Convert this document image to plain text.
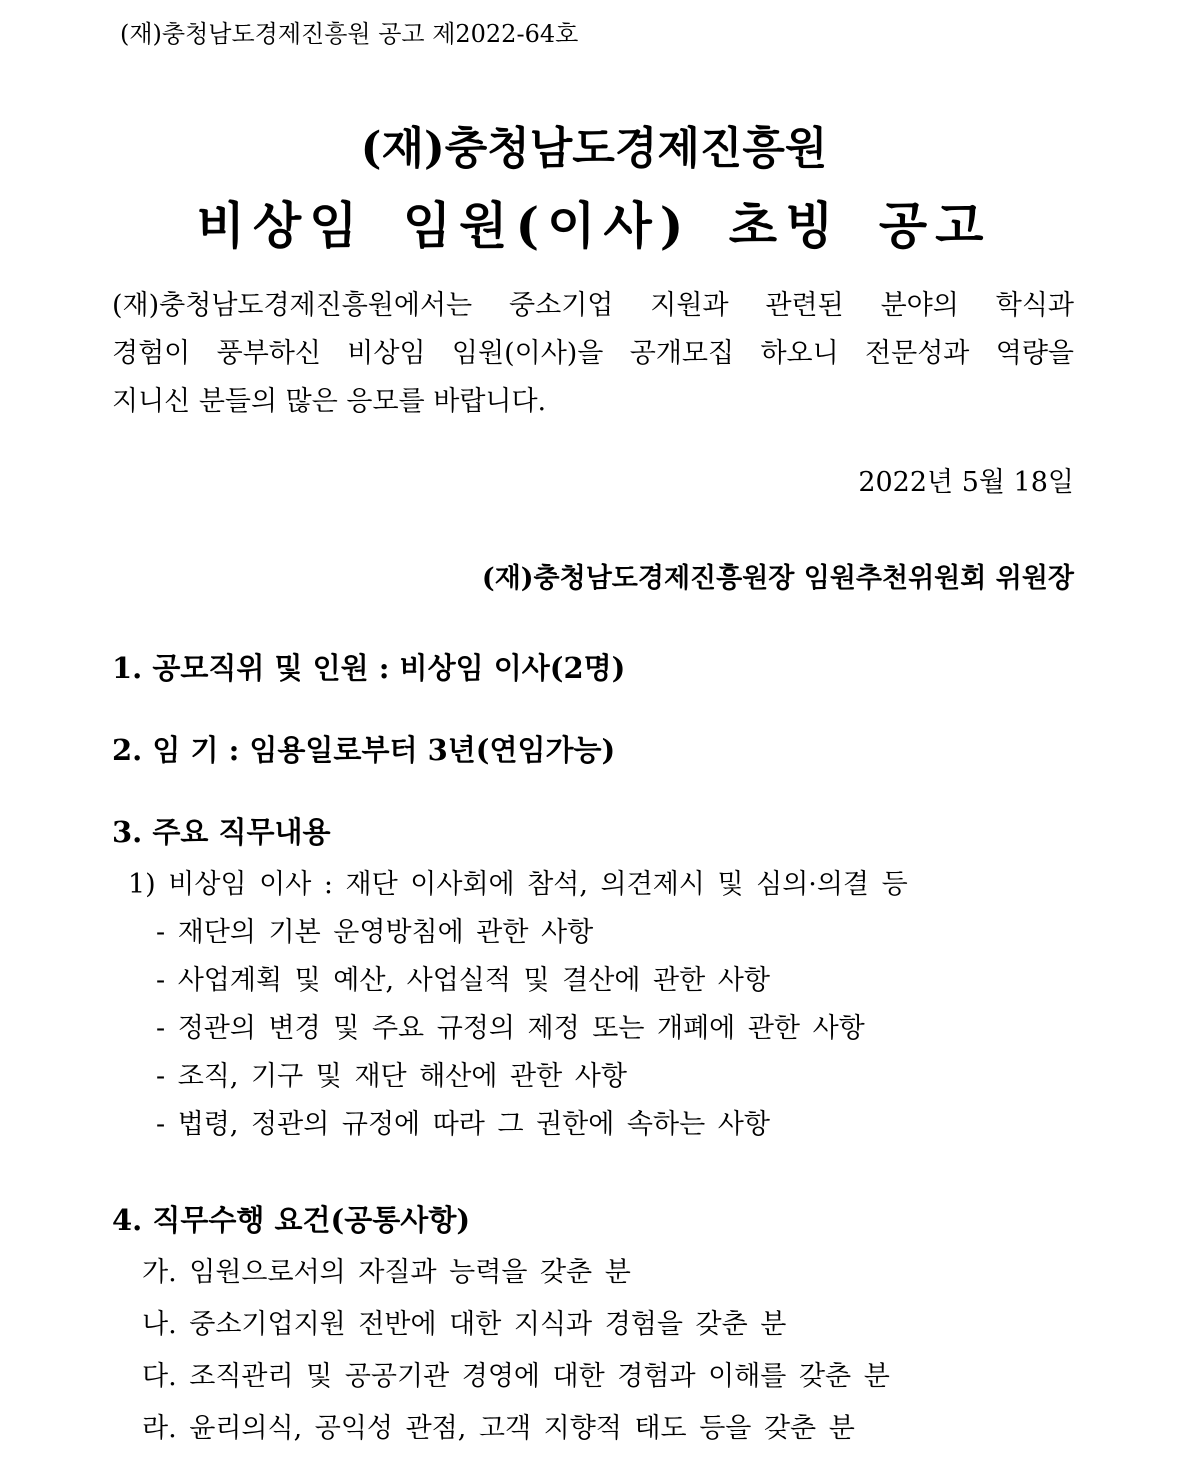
(재)충청남도경제진흥원 공고 제2022-64호
(재)충청남도경제진흥원
비상임 임원(이사) 초빙 공고
(재)충청남도경제진흥원에서는 중소기업 지원과 관련된 분야의 학식과
경험이 풍부하신 비상임 임원(이사)을 공개모집 하오니 전문성과 역량을
지니신 분들의 많은 응모를 바랍니다.
2022년 5월 18일
(재)충청남도경제진흥원장 임원추천위원회 위원장
1. 공모직위 및 인원 : 비상임 이사(2명)
2. 임 기 : 임용일로부터 3년(연임가능)
3. 주요 직무내용
1) 비상임 이사 : 재단 이사회에 참석, 의견제시 및 심의·의결 등
- 재단의 기본 운영방침에 관한 사항
- 사업계획 및 예산, 사업실적 및 결산에 관한 사항
- 정관의 변경 및 주요 규정의 제정 또는 개폐에 관한 사항
- 조직, 기구 및 재단 해산에 관한 사항
- 법령, 정관의 규정에 따라 그 권한에 속하는 사항
4. 직무수행 요건(공통사항)
가. 임원으로서의 자질과 능력을 갖춘 분
나. 중소기업지원 전반에 대한 지식과 경험을 갖춘 분
다. 조직관리 및 공공기관 경영에 대한 경험과 이해를 갖춘 분
라. 윤리의식, 공익성 관점, 고객 지향적 태도 등을 갖춘 분
